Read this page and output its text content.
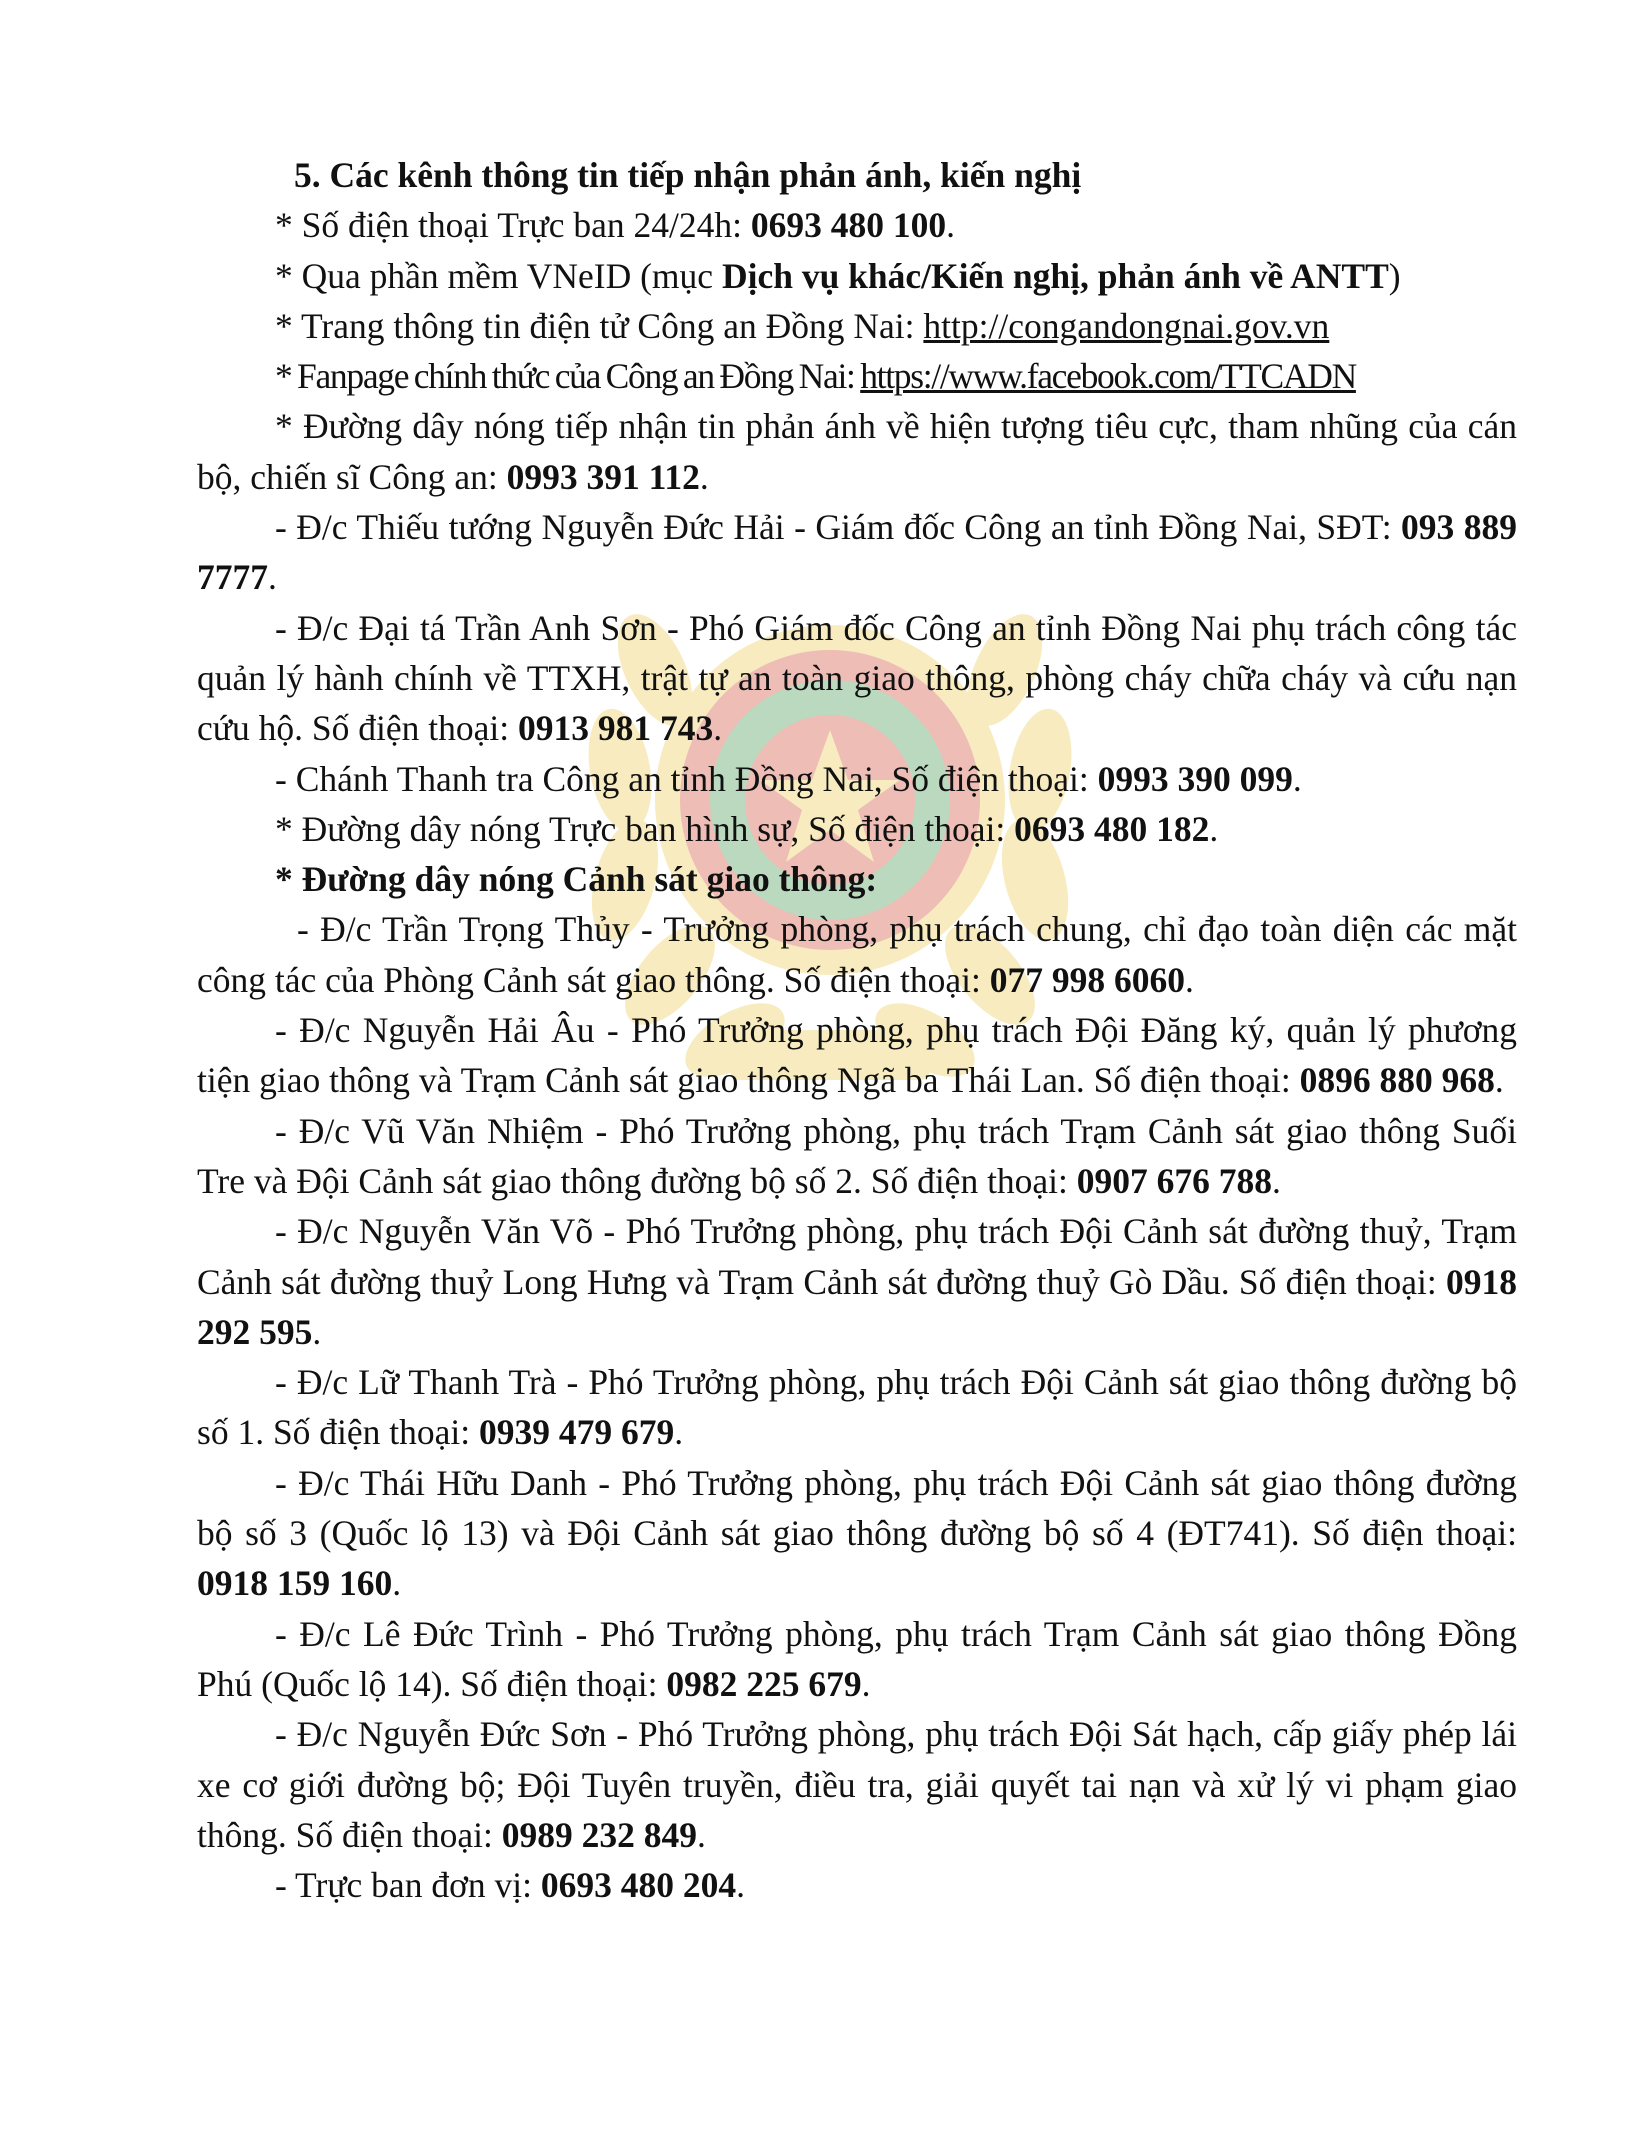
5. Các kênh thông tin tiếp nhận phản ánh, kiến nghị

* Số điện thoại Trực ban 24/24h: 0693 480 100.

* Qua phần mềm VNeID (mục Dịch vụ khác/Kiến nghị, phản ánh về ANTT)

* Trang thông tin điện tử Công an Đồng Nai: http://congandongnai.gov.vn

* Fanpage chính thức của Công an Đồng Nai: https://www.facebook.com/TTCADN

* Đường dây nóng tiếp nhận tin phản ánh về hiện tượng tiêu cực, tham nhũng của cán bộ, chiến sĩ Công an: 0993 391 112.

- Đ/c Thiếu tướng Nguyễn Đức Hải - Giám đốc Công an tỉnh Đồng Nai, SĐT: 093 889 7777.

- Đ/c Đại tá Trần Anh Sơn - Phó Giám đốc Công an tỉnh Đồng Nai phụ trách công tác quản lý hành chính về TTXH, trật tự an toàn giao thông, phòng cháy chữa cháy và cứu nạn cứu hộ. Số điện thoại: 0913 981 743.

- Chánh Thanh tra Công an tỉnh Đồng Nai, Số điện thoại: 0993 390 099.

* Đường dây nóng Trực ban hình sự, Số điện thoại: 0693 480 182.

* Đường dây nóng Cảnh sát giao thông:

- Đ/c Trần Trọng Thủy - Trưởng phòng, phụ trách chung, chỉ đạo toàn diện các mặt công tác của Phòng Cảnh sát giao thông. Số điện thoại: 077 998 6060.

- Đ/c Nguyễn Hải Âu - Phó Trưởng phòng, phụ trách Đội Đăng ký, quản lý phương tiện giao thông và Trạm Cảnh sát giao thông Ngã ba Thái Lan. Số điện thoại: 0896 880 968.

- Đ/c Vũ Văn Nhiệm - Phó Trưởng phòng, phụ trách Trạm Cảnh sát giao thông Suối Tre và Đội Cảnh sát giao thông đường bộ số 2. Số điện thoại: 0907 676 788.

- Đ/c Nguyễn Văn Võ - Phó Trưởng phòng, phụ trách Đội Cảnh sát đường thuỷ, Trạm Cảnh sát đường thuỷ Long Hưng và Trạm Cảnh sát đường thuỷ Gò Dầu. Số điện thoại: 0918 292 595.

- Đ/c Lữ Thanh Trà - Phó Trưởng phòng, phụ trách Đội Cảnh sát giao thông đường bộ số 1. Số điện thoại: 0939 479 679.

- Đ/c Thái Hữu Danh - Phó Trưởng phòng, phụ trách Đội Cảnh sát giao thông đường bộ số 3 (Quốc lộ 13) và Đội Cảnh sát giao thông đường bộ số 4 (ĐT741). Số điện thoại: 0918 159 160.

- Đ/c Lê Đức Trình - Phó Trưởng phòng, phụ trách Trạm Cảnh sát giao thông Đồng Phú (Quốc lộ 14). Số điện thoại: 0982 225 679.

- Đ/c Nguyễn Đức Sơn - Phó Trưởng phòng, phụ trách Đội Sát hạch, cấp giấy phép lái xe cơ giới đường bộ; Đội Tuyên truyền, điều tra, giải quyết tai nạn và xử lý vi phạm giao thông. Số điện thoại: 0989 232 849.

- Trực ban đơn vị: 0693 480 204.
